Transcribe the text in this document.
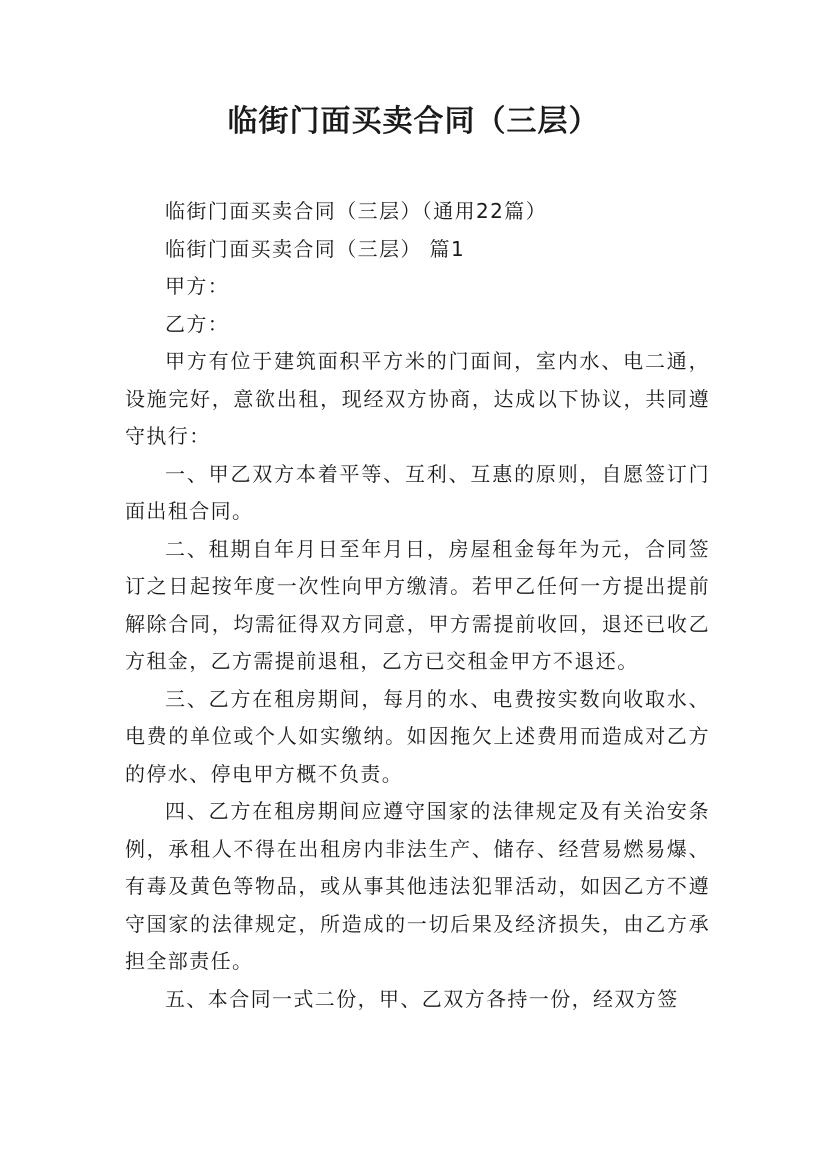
临街门面买卖合同（三层）

临街门面买卖合同（三层）（通用22篇）

临街门面买卖合同（三层） 篇1

甲方：

乙方：

甲方有位于建筑面积平方米的门面间，室内水、电二通，设施完好，意欲出租，现经双方协商，达成以下协议，共同遵守执行：

一、甲乙双方本着平等、互利、互惠的原则，自愿签订门面出租合同。

二、租期自年月日至年月日，房屋租金每年为元，合同签订之日起按年度一次性向甲方缴清。若甲乙任何一方提出提前解除合同，均需征得双方同意，甲方需提前收回，退还已收乙方租金，乙方需提前退租，乙方已交租金甲方不退还。

三、乙方在租房期间，每月的水、电费按实数向收取水、电费的单位或个人如实缴纳。如因拖欠上述费用而造成对乙方的停水、停电甲方概不负责。

四、乙方在租房期间应遵守国家的法律规定及有关治安条例，承租人不得在出租房内非法生产、储存、经营易燃易爆、有毒及黄色等物品，或从事其他违法犯罪活动，如因乙方不遵守国家的法律规定，所造成的一切后果及经济损失，由乙方承担全部责任。

五、本合同一式二份，甲、乙双方各持一份，经双方签
